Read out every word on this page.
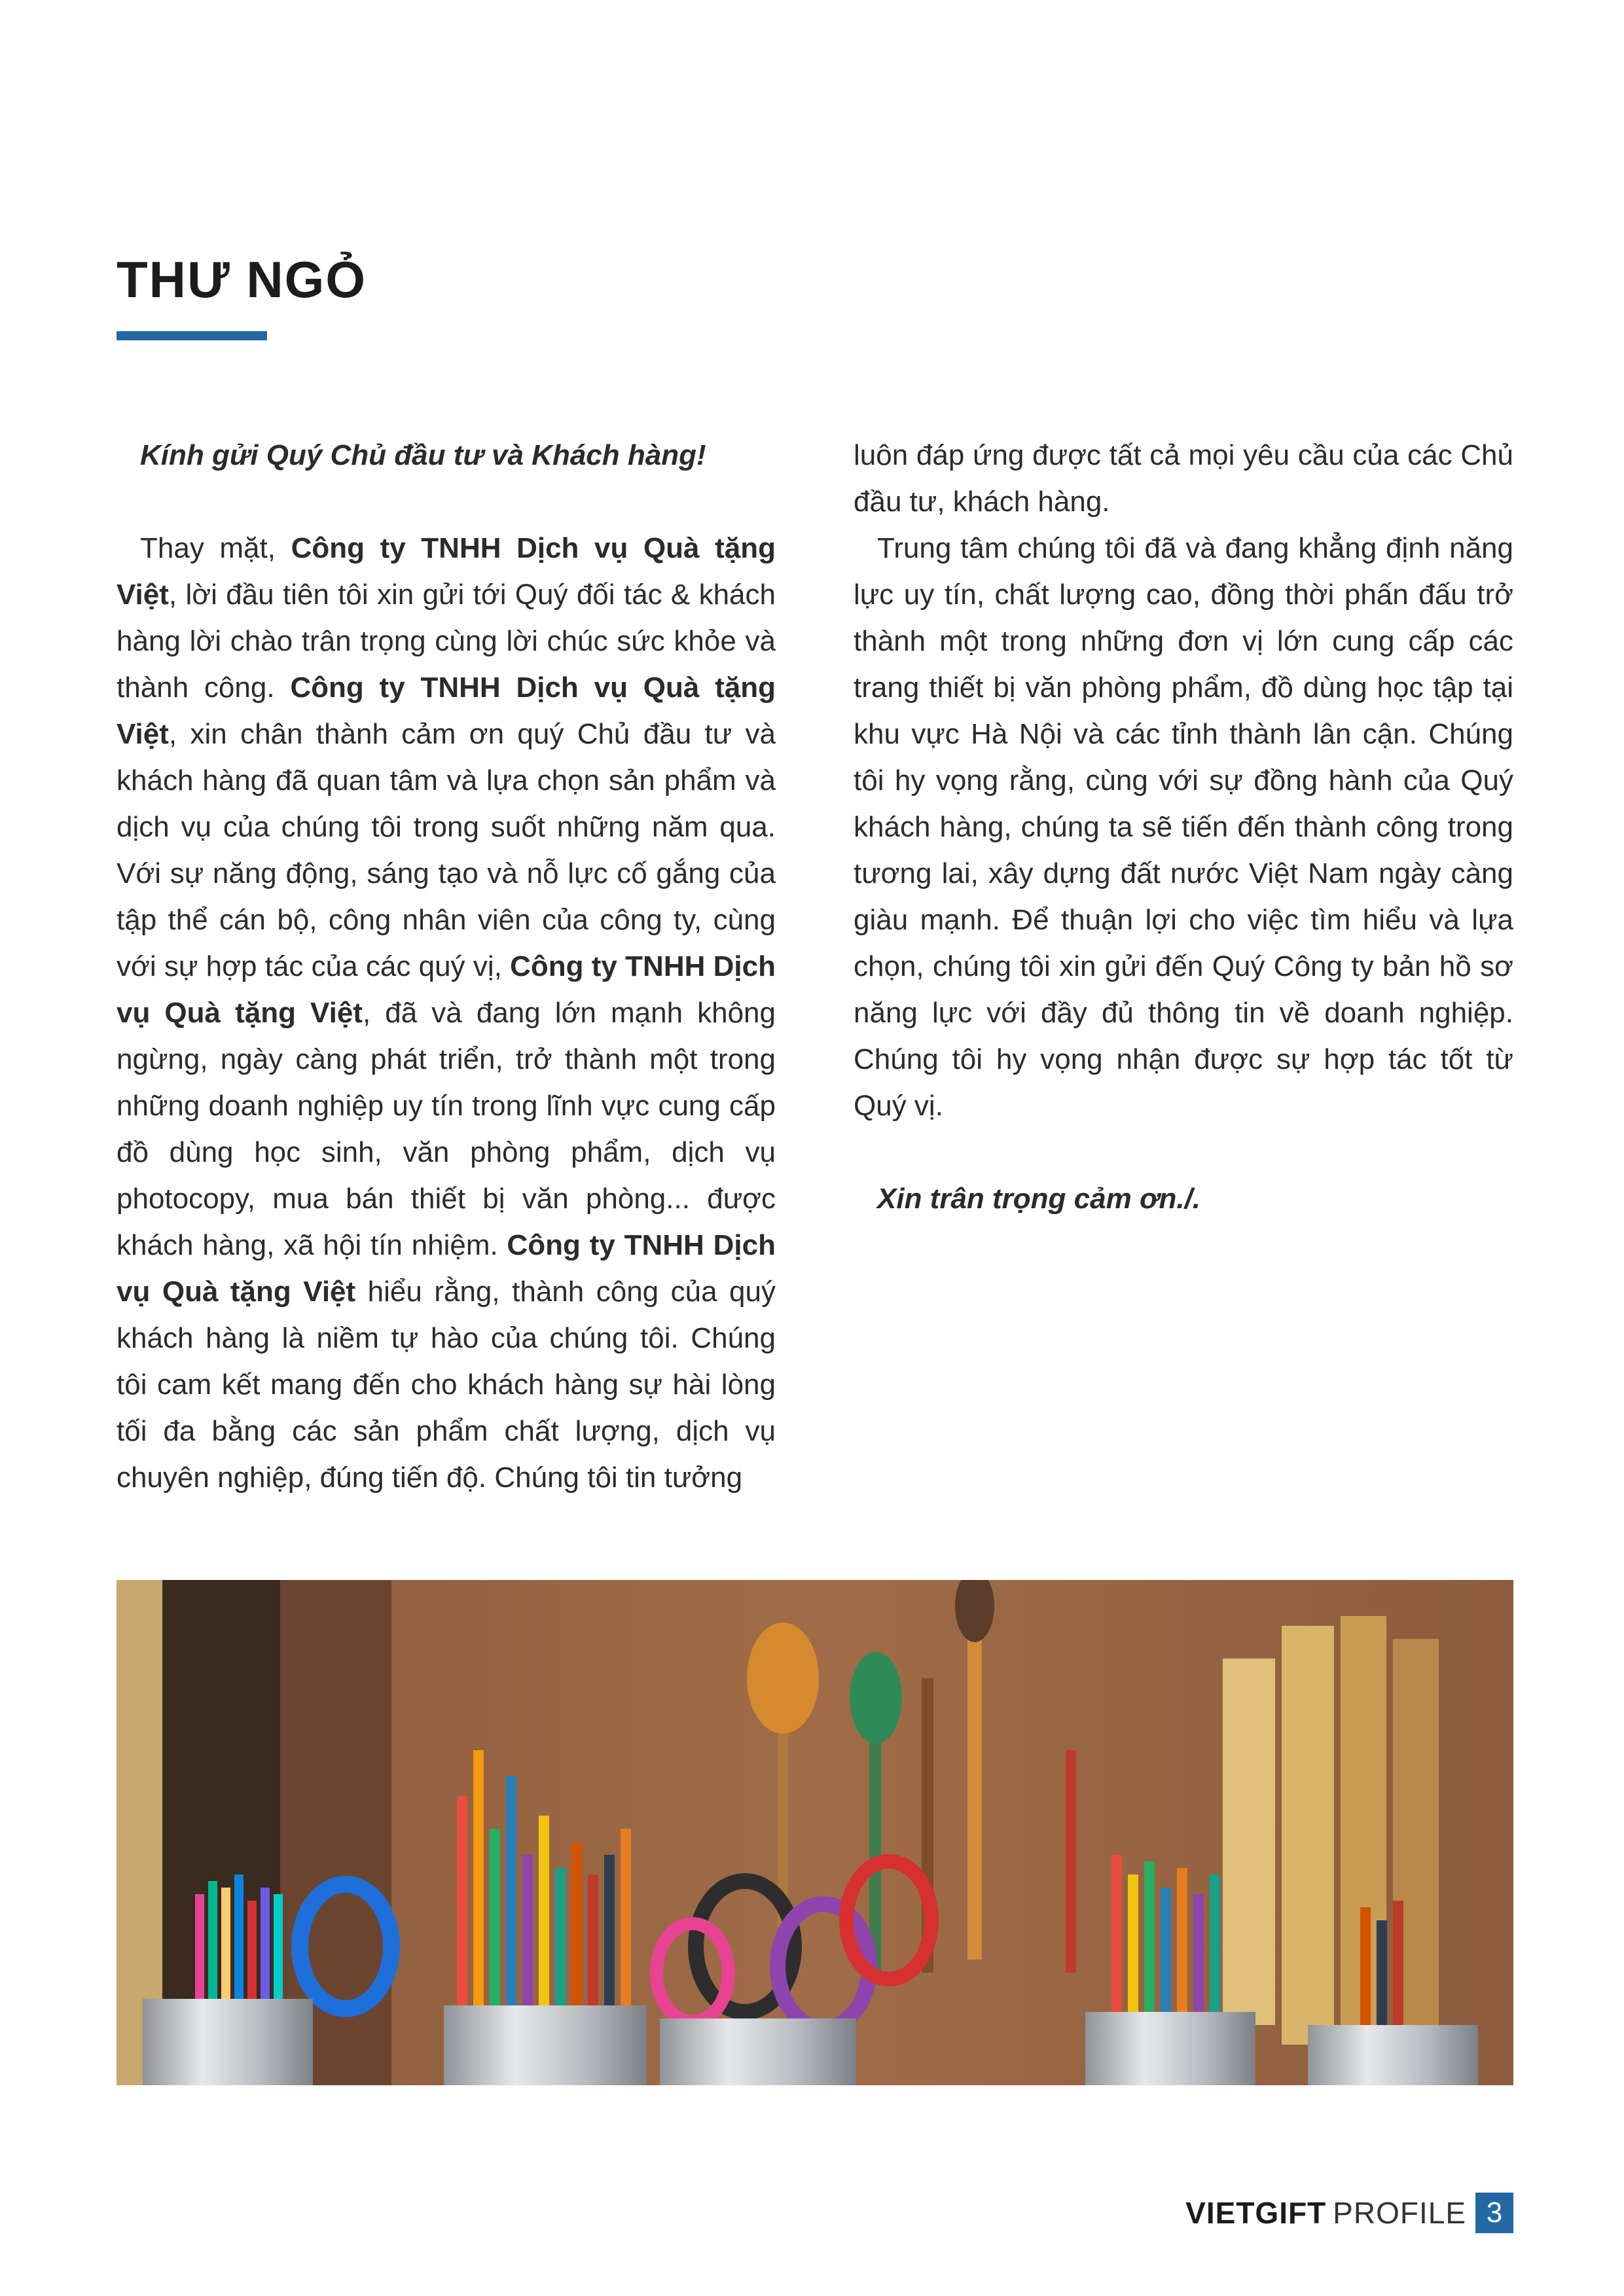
THƯ NGỎ

Kính gửi Quý Chủ đầu tư và Khách hàng!

Thay mặt, Công ty TNHH Dịch vụ Quà tặng Việt, lời đầu tiên tôi xin gửi tới Quý đối tác & khách hàng lời chào trân trọng cùng lời chúc sức khỏe và thành công. Công ty TNHH Dịch vụ Quà tặng Việt, xin chân thành cảm ơn quý Chủ đầu tư và khách hàng đã quan tâm và lựa chọn sản phẩm và dịch vụ của chúng tôi trong suốt những năm qua. Với sự năng động, sáng tạo và nỗ lực cố gắng của tập thể cán bộ, công nhân viên của công ty, cùng với sự hợp tác của các quý vị, Công ty TNHH Dịch vụ Quà tặng Việt, đã và đang lớn mạnh không ngừng, ngày càng phát triển, trở thành một trong những doanh nghiệp uy tín trong lĩnh vực cung cấp đồ dùng học sinh, văn phòng phẩm, dịch vụ photocopy, mua bán thiết bị văn phòng... được khách hàng, xã hội tín nhiệm. Công ty TNHH Dịch vụ Quà tặng Việt hiểu rằng, thành công của quý khách hàng là niềm tự hào của chúng tôi. Chúng tôi cam kết mang đến cho khách hàng sự hài lòng tối đa bằng các sản phẩm chất lượng, dịch vụ chuyên nghiệp, đúng tiến độ. Chúng tôi tin tưởng

luôn đáp ứng được tất cả mọi yêu cầu của các Chủ đầu tư, khách hàng.

Trung tâm chúng tôi đã và đang khẳng định năng lực uy tín, chất lượng cao, đồng thời phấn đấu trở thành một trong những đơn vị lớn cung cấp các trang thiết bị văn phòng phẩm, đồ dùng học tập tại khu vực Hà Nội và các tỉnh thành lân cận. Chúng tôi hy vọng rằng, cùng với sự đồng hành của Quý khách hàng, chúng ta sẽ tiến đến thành công trong tương lai, xây dựng đất nước Việt Nam ngày càng giàu mạnh. Để thuận lợi cho việc tìm hiểu và lựa chọn, chúng tôi xin gửi đến Quý Công ty bản hồ sơ năng lực với đầy đủ thông tin về doanh nghiệp. Chúng tôi hy vọng nhận được sự hợp tác tốt từ Quý vị.

Xin trân trọng cảm ơn./.

VIETGIFT PROFILE 3
